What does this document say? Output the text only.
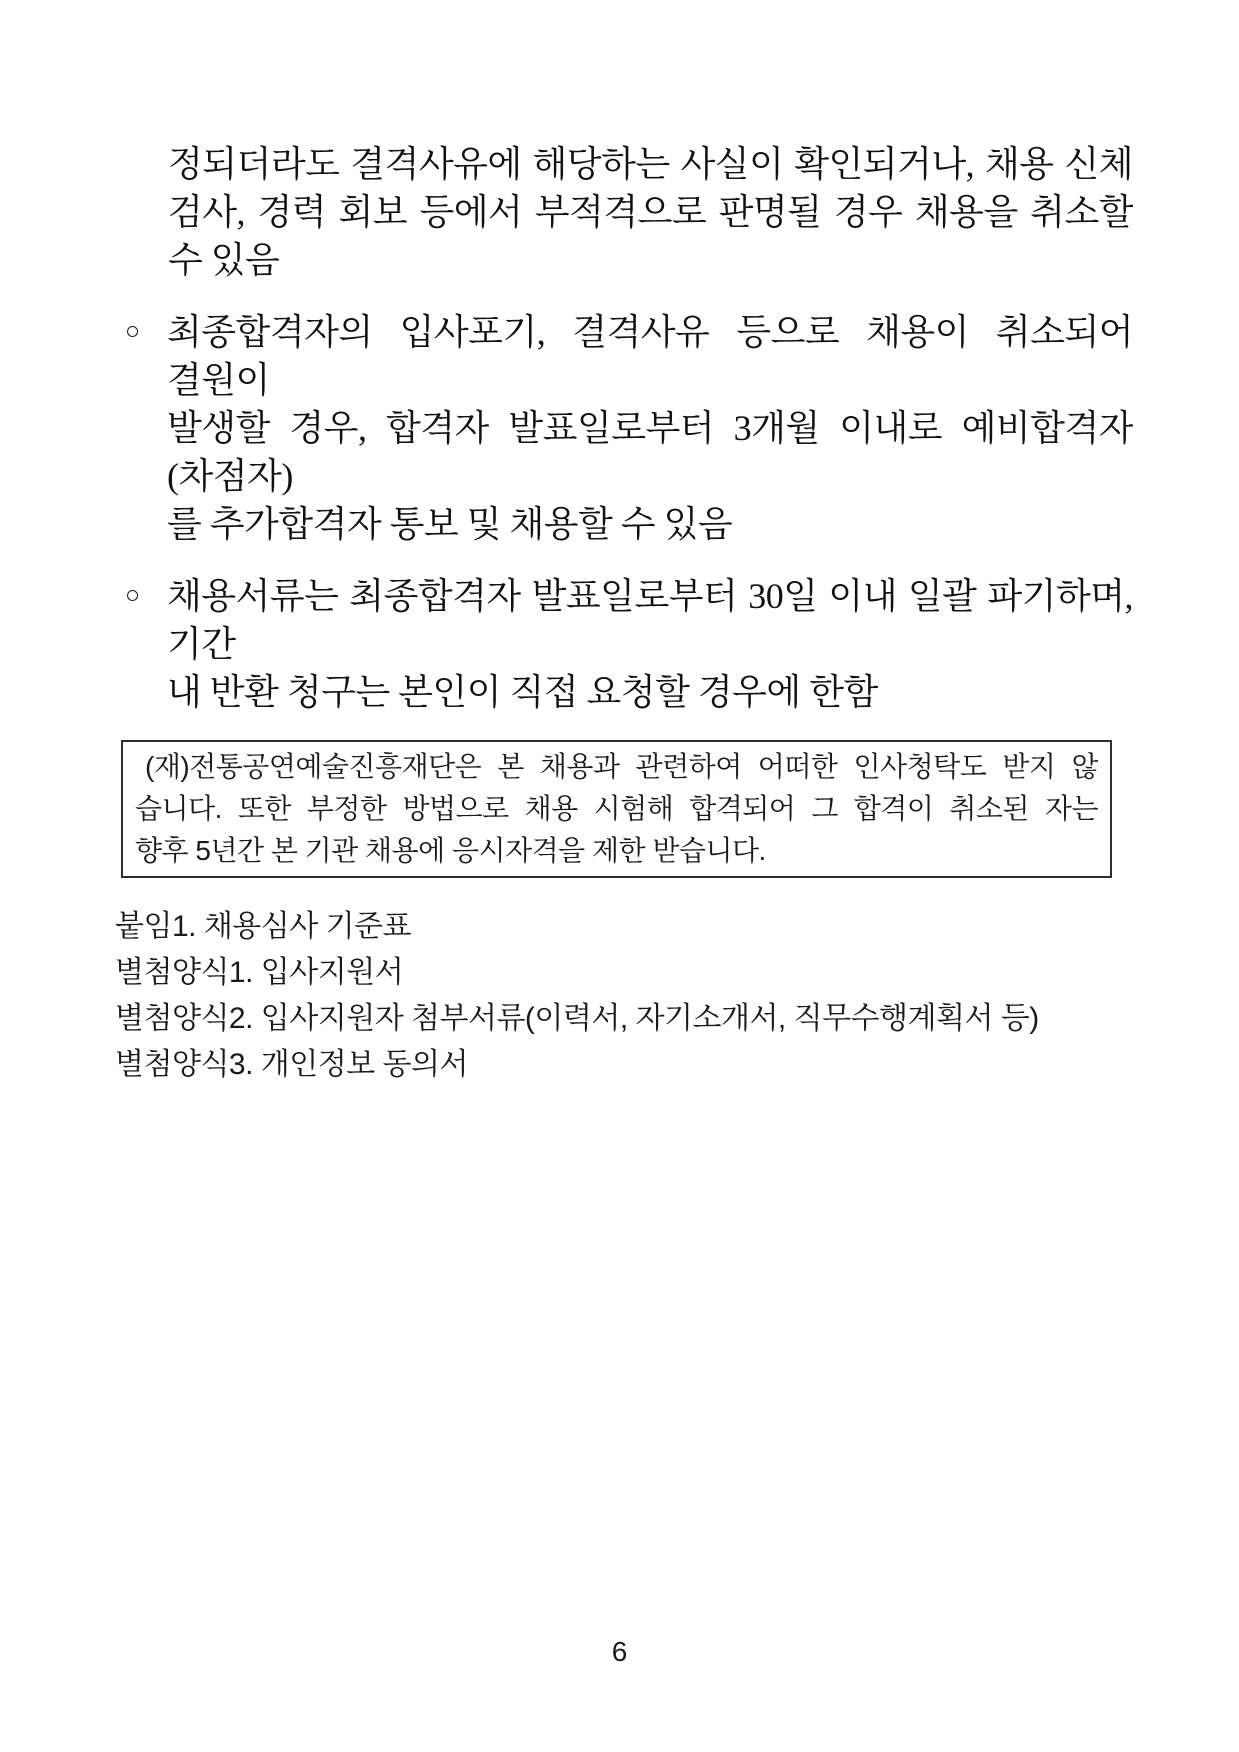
정되더라도 결격사유에 해당하는 사실이 확인되거나, 채용 신체
검사, 경력 회보 등에서 부적격으로 판명될 경우 채용을 취소할
수 있음
○ 최종합격자의 입사포기, 결격사유 등으로 채용이 취소되어 결원이
발생할 경우, 합격자 발표일로부터 3개월 이내로 예비합격자(차점자)
를 추가합격자 통보 및 채용할 수 있음
○ 채용서류는 최종합격자 발표일로부터 30일 이내 일괄 파기하며, 기간
내 반환 청구는 본인이 직접 요청할 경우에 한함
(재)전통공연예술진흥재단은 본 채용과 관련하여 어떠한 인사청탁도 받지 않
습니다. 또한 부정한 방법으로 채용 시험해 합격되어 그 합격이 취소된 자는
향후 5년간 본 기관 채용에 응시자격을 제한 받습니다.
붙임1. 채용심사 기준표
별첨양식1. 입사지원서
별첨양식2. 입사지원자 첨부서류(이력서, 자기소개서, 직무수행계획서 등)
별첨양식3. 개인정보 동의서
6
